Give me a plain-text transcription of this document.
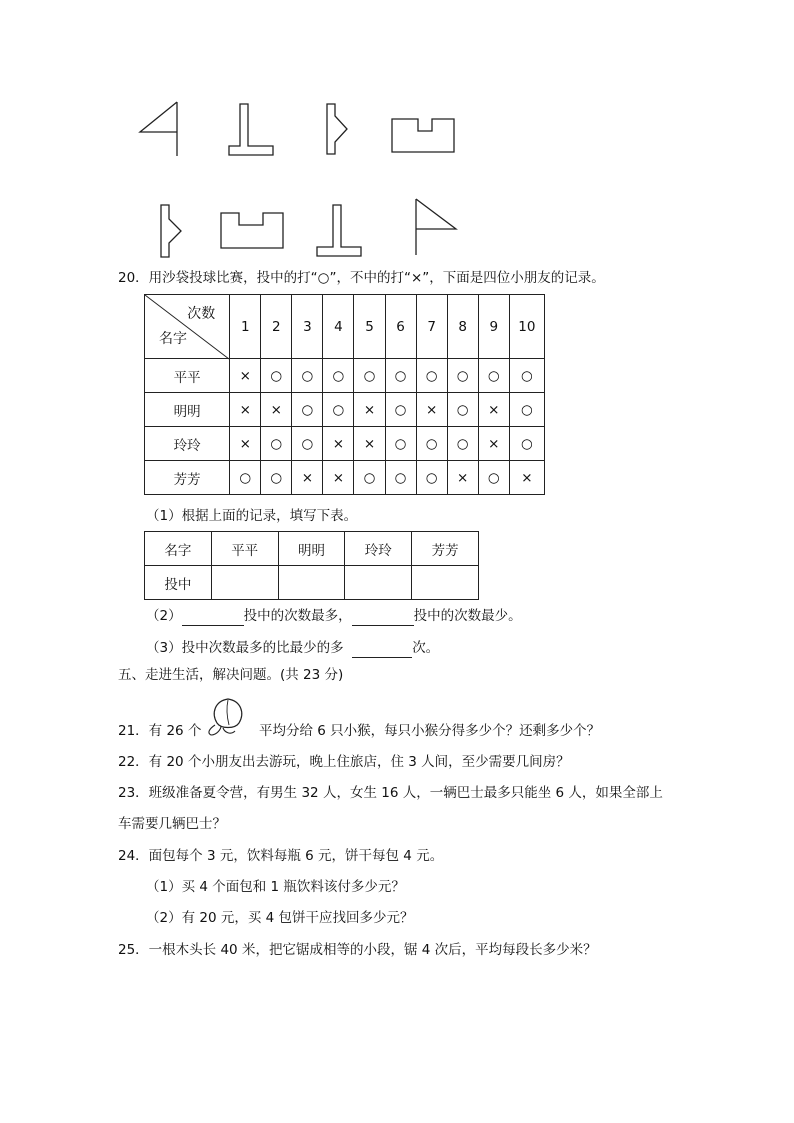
20．用沙袋投球比赛，投中的打“○”，不中的打“×”，下面是四位小朋友的记录。
次数
名字	1	2	3	4	5	6	7	8	9	10
平平	×	○	○	○	○	○	○	○	○	○
明明	×	×	○	○	×	○	×	○	×	○
玲玲	×	○	○	×	×	○	○	○	×	○
芳芳	○	○	×	×	○	○	○	×	○	×
（1）根据上面的记录，填写下表。
名字	平平	明明	玲玲	芳芳
投中				
（2）	投中的次数最多，	投中的次数最少。
（3）投中次数最多的比最少的多	次。
五、走进生活，解决问题。(共 23 分)
21．有 26 个	平均分给 6 只小猴，每只小猴分得多少个？还剩多少个？
22．有 20 个小朋友出去游玩，晚上住旅店，住 3 人间，至少需要几间房？
23．班级准备夏令营，有男生 32 人，女生 16 人，一辆巴士最多只能坐 6 人，如果全部上
车需要几辆巴士？
24．面包每个 3 元，饮料每瓶 6 元，饼干每包 4 元。
（1）买 4 个面包和 1 瓶饮料该付多少元？
（2）有 20 元，买 4 包饼干应找回多少元？
25．一根木头长 40 米，把它锯成相等的小段，锯 4 次后，平均每段长多少米？
